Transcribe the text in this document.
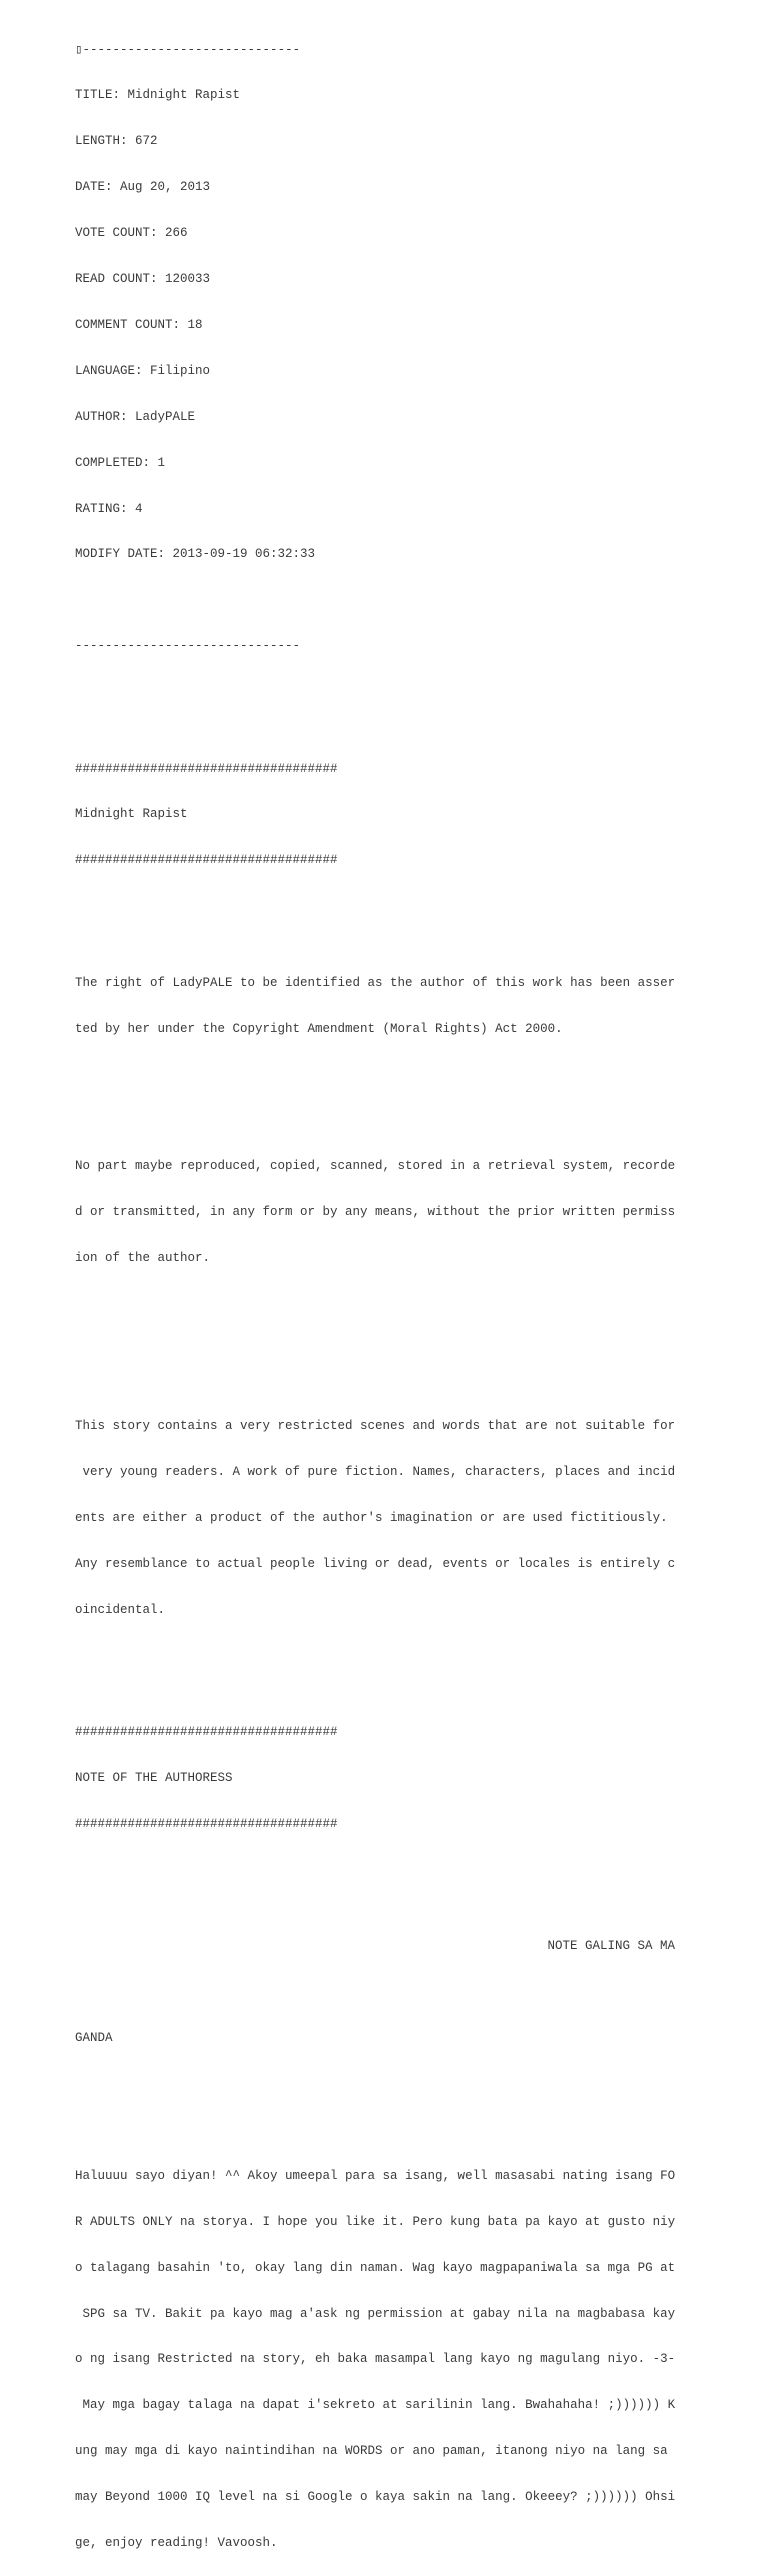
▯-----------------------------

TITLE: Midnight Rapist

LENGTH: 672

DATE: Aug 20, 2013

VOTE COUNT: 266

READ COUNT: 120033

COMMENT COUNT: 18

LANGUAGE: Filipino

AUTHOR: LadyPALE

COMPLETED: 1

RATING: 4

MODIFY DATE: 2013-09-19 06:32:33

------------------------------

###################################

Midnight Rapist

###################################

The right of LadyPALE to be identified as the author of this work has been asser

ted by her under the Copyright Amendment (Moral Rights) Act 2000.

No part maybe reproduced, copied, scanned, stored in a retrieval system, recorde

d or transmitted, in any form or by any means, without the prior written permiss

ion of the author.

This story contains a very restricted scenes and words that are not suitable for

very young readers. A work of pure fiction. Names, characters, places and incid

ents are either a product of the author's imagination or are used fictitiously.

Any resemblance to actual people living or dead, events or locales is entirely c

oincidental.

###################################

NOTE OF THE AUTHORESS

###################################

NOTE GALING SA MA

GANDA

Haluuuu sayo diyan! ^^ Akoy umeepal para sa isang, well masasabi nating isang FO

R ADULTS ONLY na storya. I hope you like it. Pero kung bata pa kayo at gusto niy

o talagang basahin 'to, okay lang din naman. Wag kayo magpapaniwala sa mga PG at

SPG sa TV. Bakit pa kayo mag a'ask ng permission at gabay nila na magbabasa kay

o ng isang Restricted na story, eh baka masampal lang kayo ng magulang niyo. -3-

May mga bagay talaga na dapat i'sekreto at sarilinin lang. Bwahahaha! ;)))))) K

ung may mga di kayo naintindihan na WORDS or ano paman, itanong niyo na lang sa

may Beyond 1000 IQ level na si Google o kaya sakin na lang. Okeeey? ;)))))) Ohsi

ge, enjoy reading! Vavoosh.
